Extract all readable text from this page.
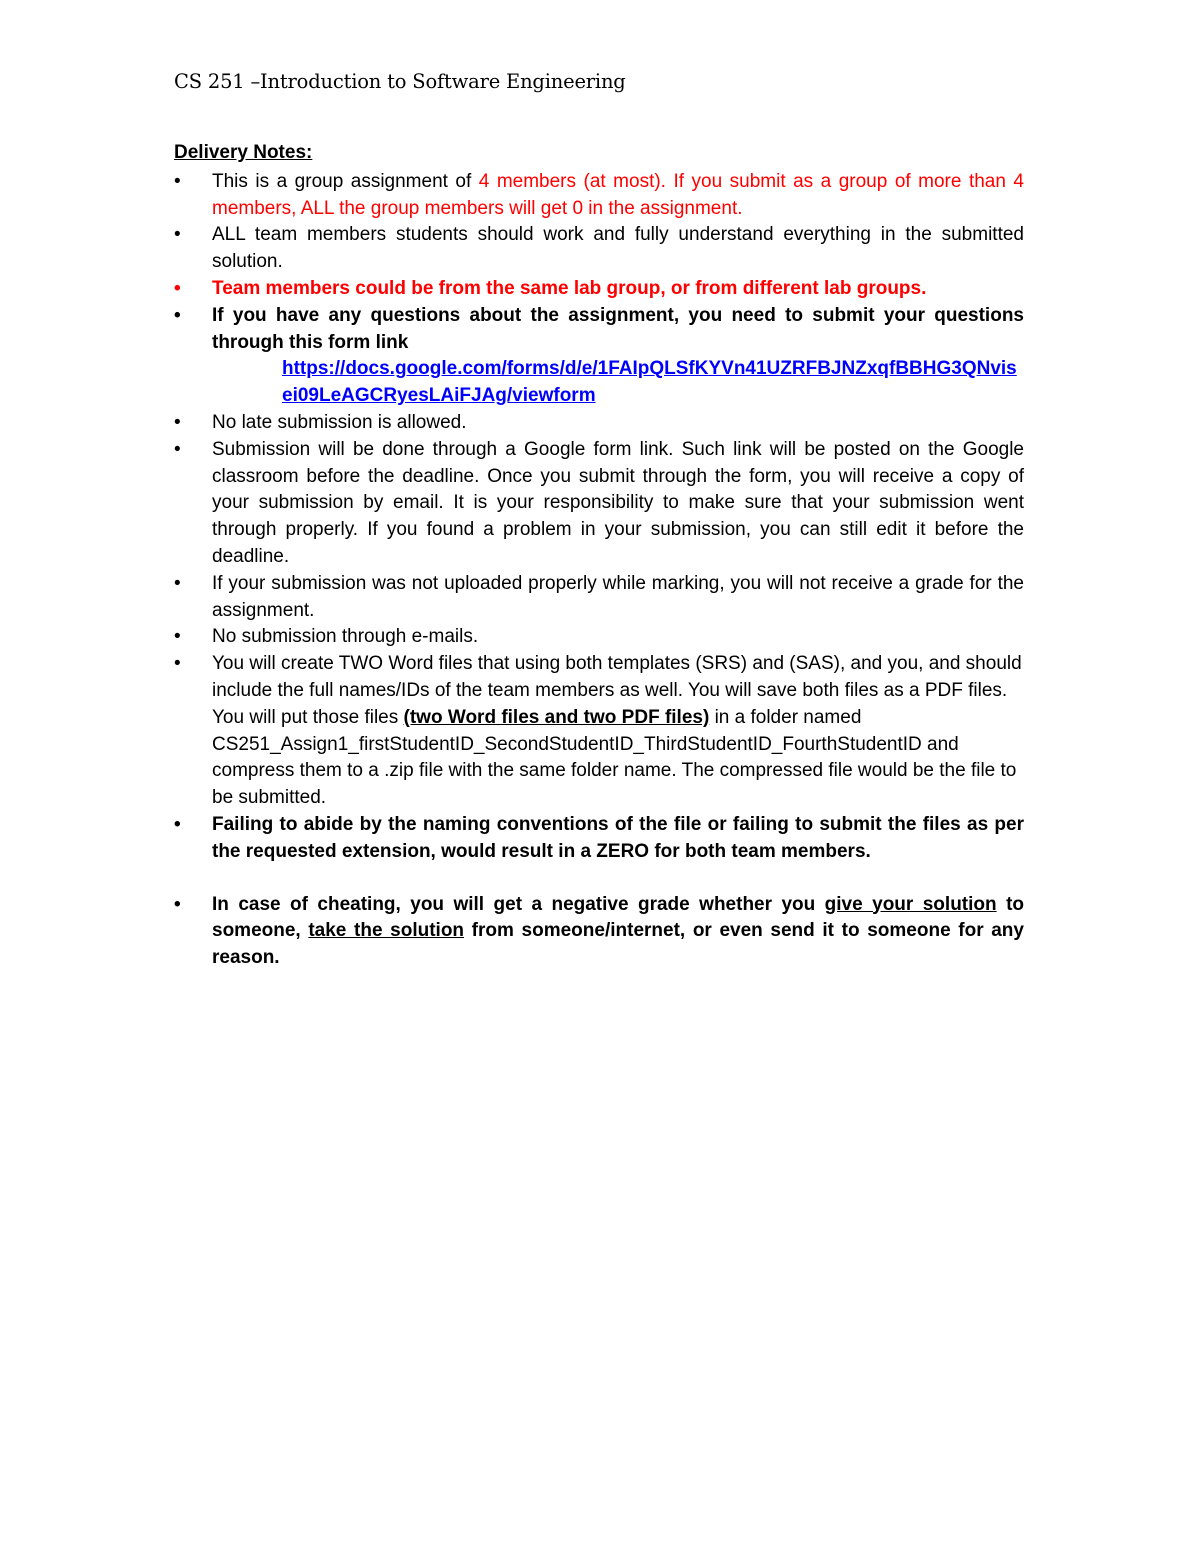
CS 251 –Introduction to Software Engineering
Delivery Notes:
•	This is a group assignment of 4 members (at most). If you submit as a group of more than 4 members, ALL the group members will get 0 in the assignment.
•	ALL team members students should work and fully understand everything in the submitted solution.
•	Team members could be from the same lab group, or from different lab groups.
•	If you have any questions about the assignment, you need to submit your questions through this form link
https://docs.google.com/forms/d/e/1FAIpQLSfKYVn41UZRFBJNZxqfBBHG3QNvisei09LeAGCRyesLAiFJAg/viewform
•	No late submission is allowed.
•	Submission will be done through a Google form link. Such link will be posted on the Google classroom before the deadline. Once you submit through the form, you will receive a copy of your submission by email. It is your responsibility to make sure that your submission went through properly. If you found a problem in your submission, you can still edit it before the deadline.
•	If your submission was not uploaded properly while marking, you will not receive a grade for the assignment.
•	No submission through e-mails.
•	You will create TWO Word files that using both templates (SRS) and (SAS), and you, and should include the full names/IDs of the team members as well. You will save both files as a PDF files. You will put those files (two Word files and two PDF files) in a folder named CS251_Assign1_firstStudentID_SecondStudentID_ThirdStudentID_FourthStudentID and compress them to a .zip file with the same folder name. The compressed file would be the file to be submitted.
•	Failing to abide by the naming conventions of the file or failing to submit the files as per the requested extension, would result in a ZERO for both team members.
•	In case of cheating, you will get a negative grade whether you give your solution to someone, take the solution from someone/internet, or even send it to someone for any reason.
